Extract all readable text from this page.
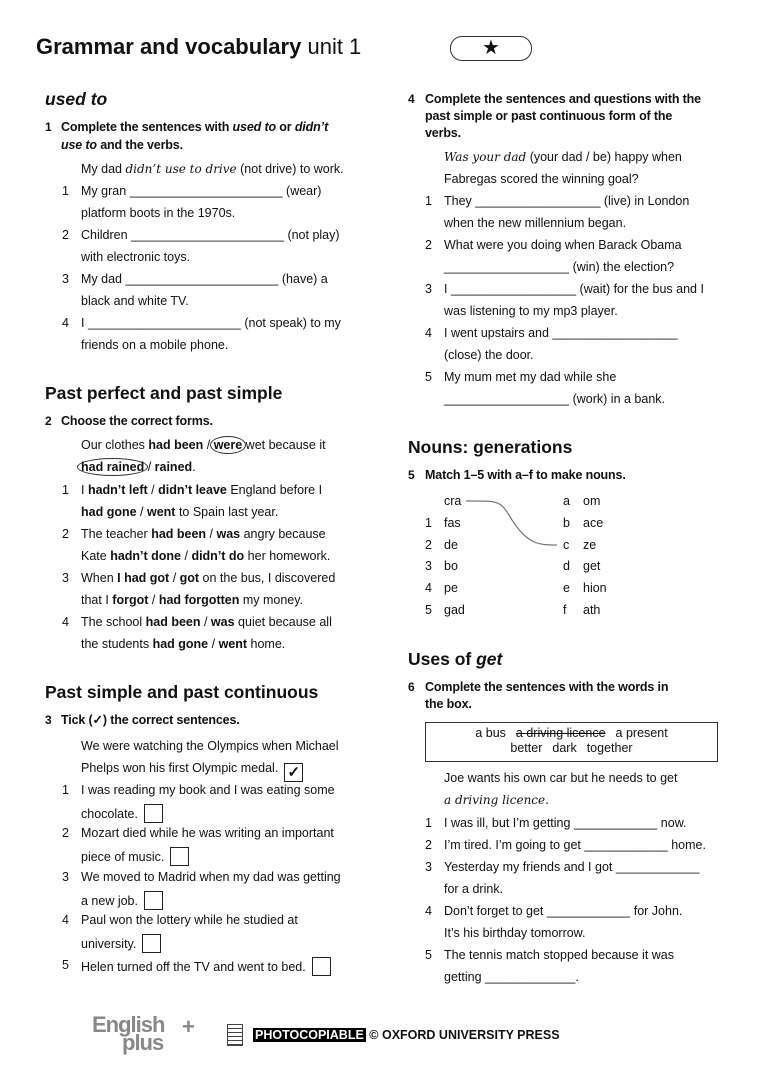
Grammar and vocabulary unit 1	★
used to
1 Complete the sentences with used to or didn’t
use to and the verbs.
My dad didn’t use to drive (not drive) to work.
1 My gran ______________________ (wear)
platform boots in the 1970s.
2 Children ______________________ (not play)
with electronic toys.
3 My dad ______________________ (have) a
black and white TV.
4 I ______________________ (not speak) to my
friends on a mobile phone.
Past perfect and past simple
2 Choose the correct forms.
Our clothes had been / were wet because it
had rained / rained.
1 I hadn’t left / didn’t leave England before I
had gone / went to Spain last year.
2 The teacher had been / was angry because
Kate hadn’t done / didn’t do her homework.
3 When I had got / got on the bus, I discovered
that I forgot / had forgotten my money.
4 The school had been / was quiet because all
the students had gone / went home.
Past simple and past continuous
3 Tick (✓) the correct sentences.
We were watching the Olympics when Michael
Phelps won his first Olympic medal. ✓
1 I was reading my book and I was eating some
chocolate.
2 Mozart died while he was writing an important
piece of music.
3 We moved to Madrid when my dad was getting
a new job.
4 Paul won the lottery while he studied at
university.
5 Helen turned off the TV and went to bed.
4 Complete the sentences and questions with the
past simple or past continuous form of the
verbs.
Was your dad (your dad / be) happy when
Fabregas scored the winning goal?
1 They __________________ (live) in London
when the new millennium began.
2 What were you doing when Barack Obama
__________________ (win) the election?
3 I __________________ (wait) for the bus and I
was listening to my mp3 player.
4 I went upstairs and __________________
(close) the door.
5 My mum met my dad while she
__________________ (work) in a bank.
Nouns: generations
5 Match 1–5 with a–f to make nouns.
Uses of get
6 Complete the sentences with the words in
the box.
Joe wants his own car but he needs to get
a driving licence.
1 I was ill, but I’m getting ____________ now.
2 I’m tired. I’m going to get ____________ home.
3 Yesterday my friends and I got ____________
for a drink.
4 Don’t forget to get ____________ for John.
It’s his birthday tomorrow.
5 The tennis match stopped because it was
getting _____________.
cra
1 fas
2 de
3 bo
4 pe
5 gad
a om
b ace
c ze
d get
e hion
f ath
a bus a driving licence a present
better dark together
English
plus
+	PHOTOCOPIABLE © OXFORD UNIVERSITY PRESS
